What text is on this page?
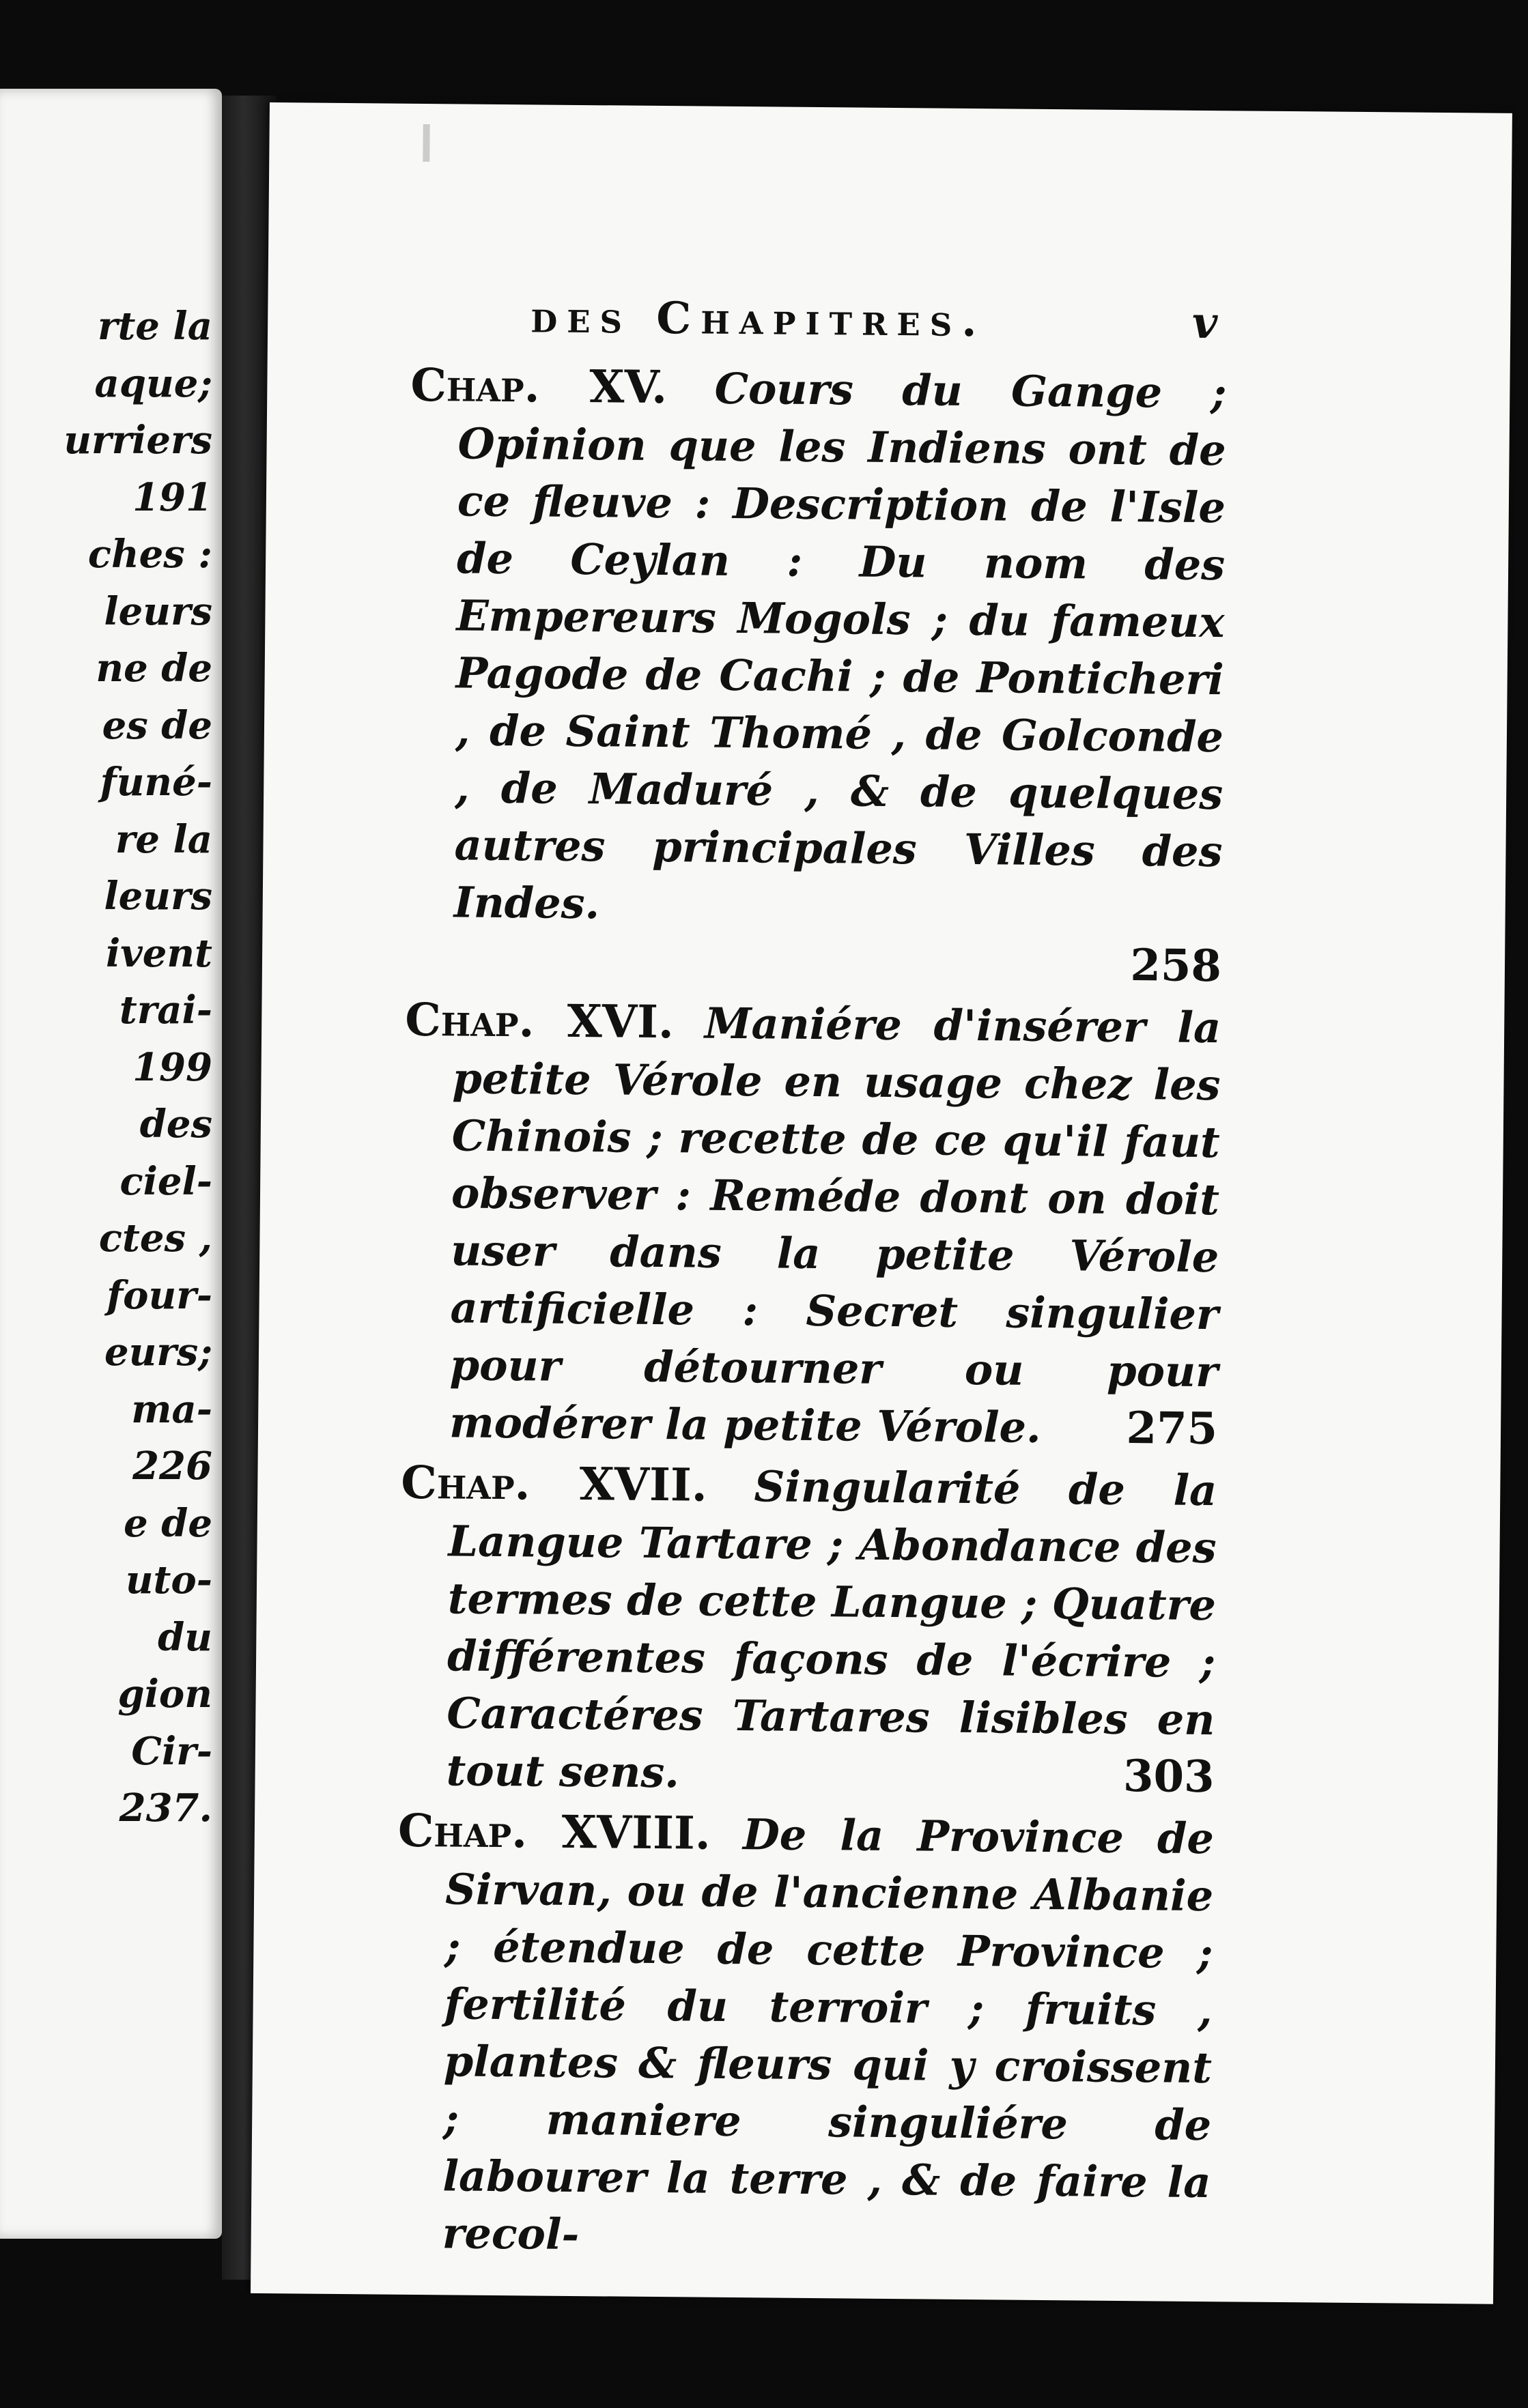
rte la
aque;
urriers
191
ches :
leurs
ne de
es de
funé-
re la
leurs
ivent
trai-
199
des
ciel-
ctes ,
four-
eurs;
ma-
226
e de
uto-
du
gion
Cir-
237.
des Chapitres.	v
Chap. XV. Cours du Gange ; Opinion que les Indiens ont de ce fleuve : Description de l'Isle de Ceylan : Du nom des Empereurs Mogols ; du fameux Pagode de Cachi ; de Ponticheri , de Saint Thomé , de Golconde , de Maduré , & de quelques autres principales Villes des Indes.
258
Chap. XVI. Maniére d'insérer la petite Vérole en usage chez les Chinois ; recette de ce qu'il faut observer : Reméde dont on doit user dans la petite Vérole artificielle : Secret singulier pour détourner ou pour modérer la petite Vérole.	275
Chap. XVII. Singularité de la Langue Tartare ; Abondance des termes de cette Langue ; Quatre différentes façons de l'écrire ; Caractéres Tartares lisibles en tout sens.	303
Chap. XVIII. De la Province de Sirvan, ou de l'ancienne Albanie ; étendue de cette Province ; fertilité du terroir ; fruits , plantes & fleurs qui y croissent ; maniere singuliére de labourer la terre , & de faire la recol-
